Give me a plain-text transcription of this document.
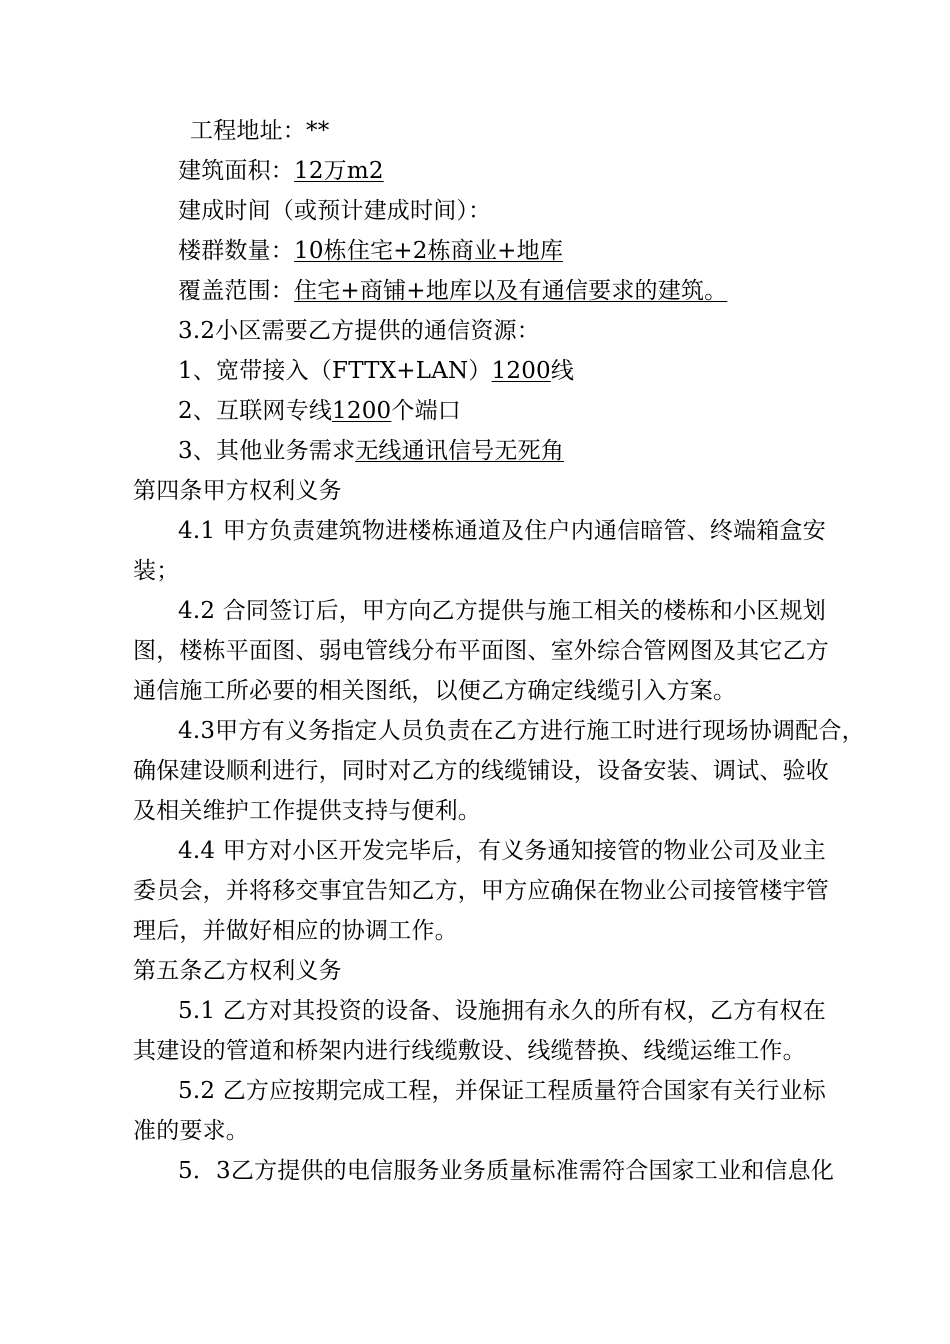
工程地址：**
建筑面积：12万m2
建成时间（或预计建成时间）：
楼群数量：10栋住宅+2栋商业+地库
覆盖范围：住宅+商铺+地库以及有通信要求的建筑。
3.2小区需要乙方提供的通信资源：
1、宽带接入（FTTX+LAN）1200线
2、互联网专线1200个端口
3、其他业务需求无线通讯信号无死角
第四条甲方权利义务
4.1 甲方负责建筑物进楼栋通道及住户内通信暗管、终端箱盒安
装；
4.2 合同签订后，甲方向乙方提供与施工相关的楼栋和小区规划
图，楼栋平面图、弱电管线分布平面图、室外综合管网图及其它乙方
通信施工所必要的相关图纸，以便乙方确定线缆引入方案。
4.3甲方有义务指定人员负责在乙方进行施工时进行现场协调配合，
确保建设顺利进行，同时对乙方的线缆铺设，设备安装、调试、验收
及相关维护工作提供支持与便利。
4.4 甲方对小区开发完毕后，有义务通知接管的物业公司及业主
委员会，并将移交事宜告知乙方，甲方应确保在物业公司接管楼宇管
理后，并做好相应的协调工作。
第五条乙方权利义务
5.1 乙方对其投资的设备、设施拥有永久的所有权，乙方有权在
其建设的管道和桥架内进行线缆敷设、线缆替换、线缆运维工作。
5.2 乙方应按期完成工程，并保证工程质量符合国家有关行业标
准的要求。
5．3乙方提供的电信服务业务质量标准需符合国家工业和信息化
